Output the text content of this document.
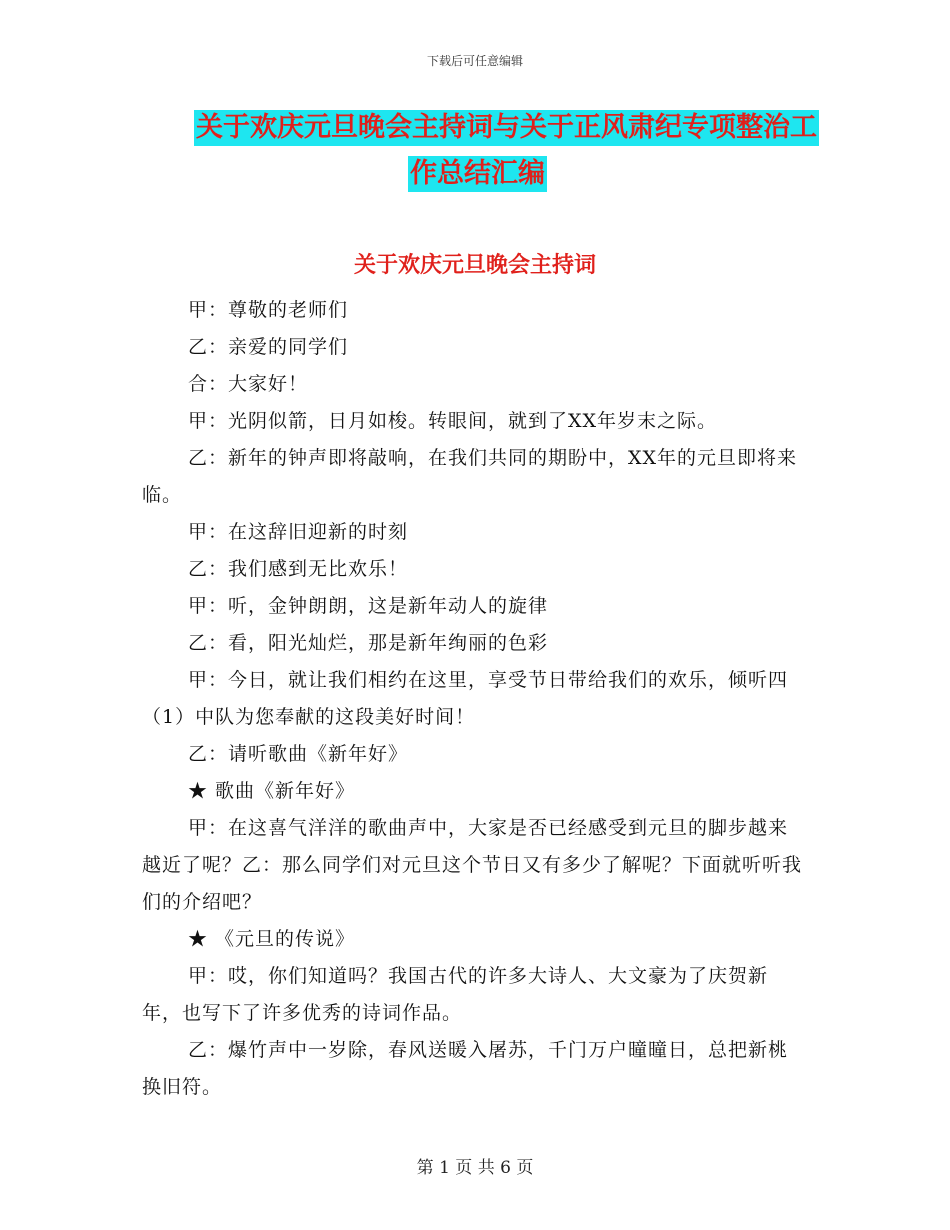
下载后可任意编辑
关于欢庆元旦晚会主持词与关于正风肃纪专项整治工
作总结汇编
关于欢庆元旦晚会主持词

甲：尊敬的老师们

乙：亲爱的同学们

合：大家好！

甲：光阴似箭，日月如梭。转眼间，就到了XX年岁末之际。

乙：新年的钟声即将敲响，在我们共同的期盼中，XX年的元旦即将来临。

甲：在这辞旧迎新的时刻

乙：我们感到无比欢乐！

甲：听，金钟朗朗，这是新年动人的旋律

乙：看，阳光灿烂，那是新年绚丽的色彩

甲：今日，就让我们相约在这里，享受节日带给我们的欢乐，倾听四（1）中队为您奉献的这段美好时间！

乙：请听歌曲《新年好》

★ 歌曲《新年好》

甲：在这喜气洋洋的歌曲声中，大家是否已经感受到元旦的脚步越来越近了呢？乙：那么同学们对元旦这个节日又有多少了解呢？下面就听听我们的介绍吧？

★ 《元旦的传说》

甲：哎，你们知道吗？我国古代的许多大诗人、大文豪为了庆贺新年，也写下了许多优秀的诗词作品。

乙：爆竹声中一岁除，春风送暖入屠苏，千门万户曈曈日，总把新桃换旧符。

第 1 页 共 6 页
